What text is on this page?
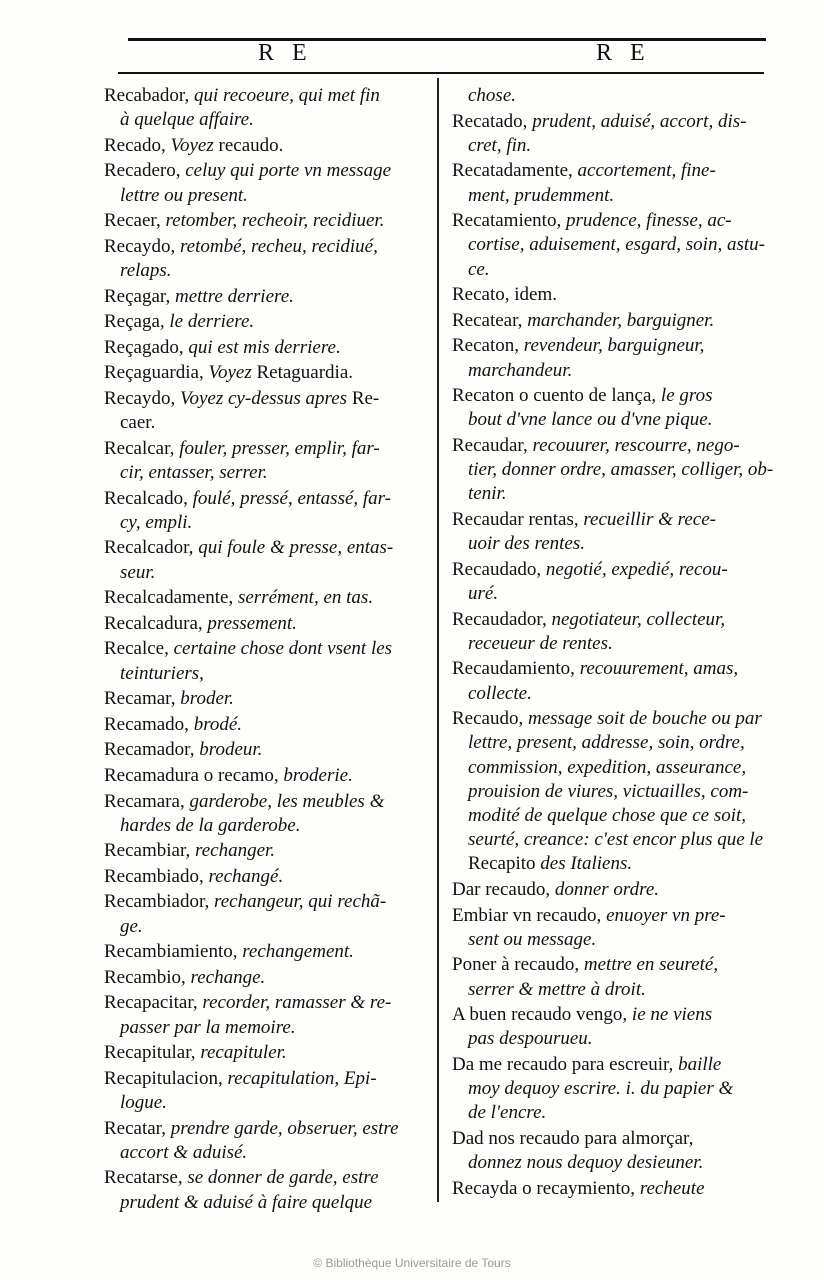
R E	R E
Recabador, qui recoeure, qui met fin
à quelque affaire.
Recado, Voyez recaudo.
Recadero, celuy qui porte vn message
lettre ou present.
Recaer, retomber, recheoir, recidiuer.
Recaydo, retombé, recheu, recidiué,
relaps.
Reçagar, mettre derriere.
Reçaga, le derriere.
Reçagado, qui est mis derriere.
Reçaguardia, Voyez Retaguardia.
Recaydo, Voyez cy-dessus apres Re-
caer.
Recalcar, fouler, presser, emplir, far-
cir, entasser, serrer.
Recalcado, foulé, pressé, entassé, far-
cy, empli.
Recalcador, qui foule & presse, entas-
seur.
Recalcadamente, serrément, en tas.
Recalcadura, pressement.
Recalce, certaine chose dont vsent les
teinturiers,
Recamar, broder.
Recamado, brodé.
Recamador, brodeur.
Recamadura o recamo, broderie.
Recamara, garderobe, les meubles &
hardes de la garderobe.
Recambiar, rechanger.
Recambiado, rechangé.
Recambiador, rechangeur, qui rechã-
ge.
Recambiamiento, rechangement.
Recambio, rechange.
Recapacitar, recorder, ramasser & re-
passer par la memoire.
Recapitular, recapituler.
Recapitulacion, recapitulation, Epi-
logue.
Recatar, prendre garde, obseruer, estre
accort & aduisé.
Recatarse, se donner de garde, estre
prudent & aduisé à faire quelque
chose.
Recatado, prudent, aduisé, accort, dis-
cret, fin.
Recatadamente, accortement, fine-
ment, prudemment.
Recatamiento, prudence, finesse, ac-
cortise, aduisement, esgard, soin, astu-
ce.
Recato, idem.
Recatear, marchander, barguigner.
Recaton, revendeur, barguigneur,
marchandeur.
Recaton o cuento de lança, le gros
bout d'vne lance ou d'vne pique.
Recaudar, recouurer, rescourre, nego-
tier, donner ordre, amasser, colliger, ob-
tenir.
Recaudar rentas, recueillir & rece-
uoir des rentes.
Recaudado, negotié, expedié, recou-
uré.
Recaudador, negotiateur, collecteur,
receueur de rentes.
Recaudamiento, recouurement, amas,
collecte.
Recaudo, message soit de bouche ou par
lettre, present, addresse, soin, ordre,
commission, expedition, asseurance,
prouision de viures, victuailles, com-
modité de quelque chose que ce soit,
seurté, creance: c'est encor plus que le
Recapito des Italiens.
Dar recaudo, donner ordre.
Embiar vn recaudo, enuoyer vn pre-
sent ou message.
Poner à recaudo, mettre en seureté,
serrer & mettre à droit.
A buen recaudo vengo, ie ne viens
pas despourueu.
Da me recaudo para escreuir, baille
moy dequoy escrire. i. du papier &
de l'encre.
Dad nos recaudo para almorçar,
donnez nous dequoy desieuner.
Recayda o recaymiento, recheute
© Bibliothèque Universitaire de Tours
